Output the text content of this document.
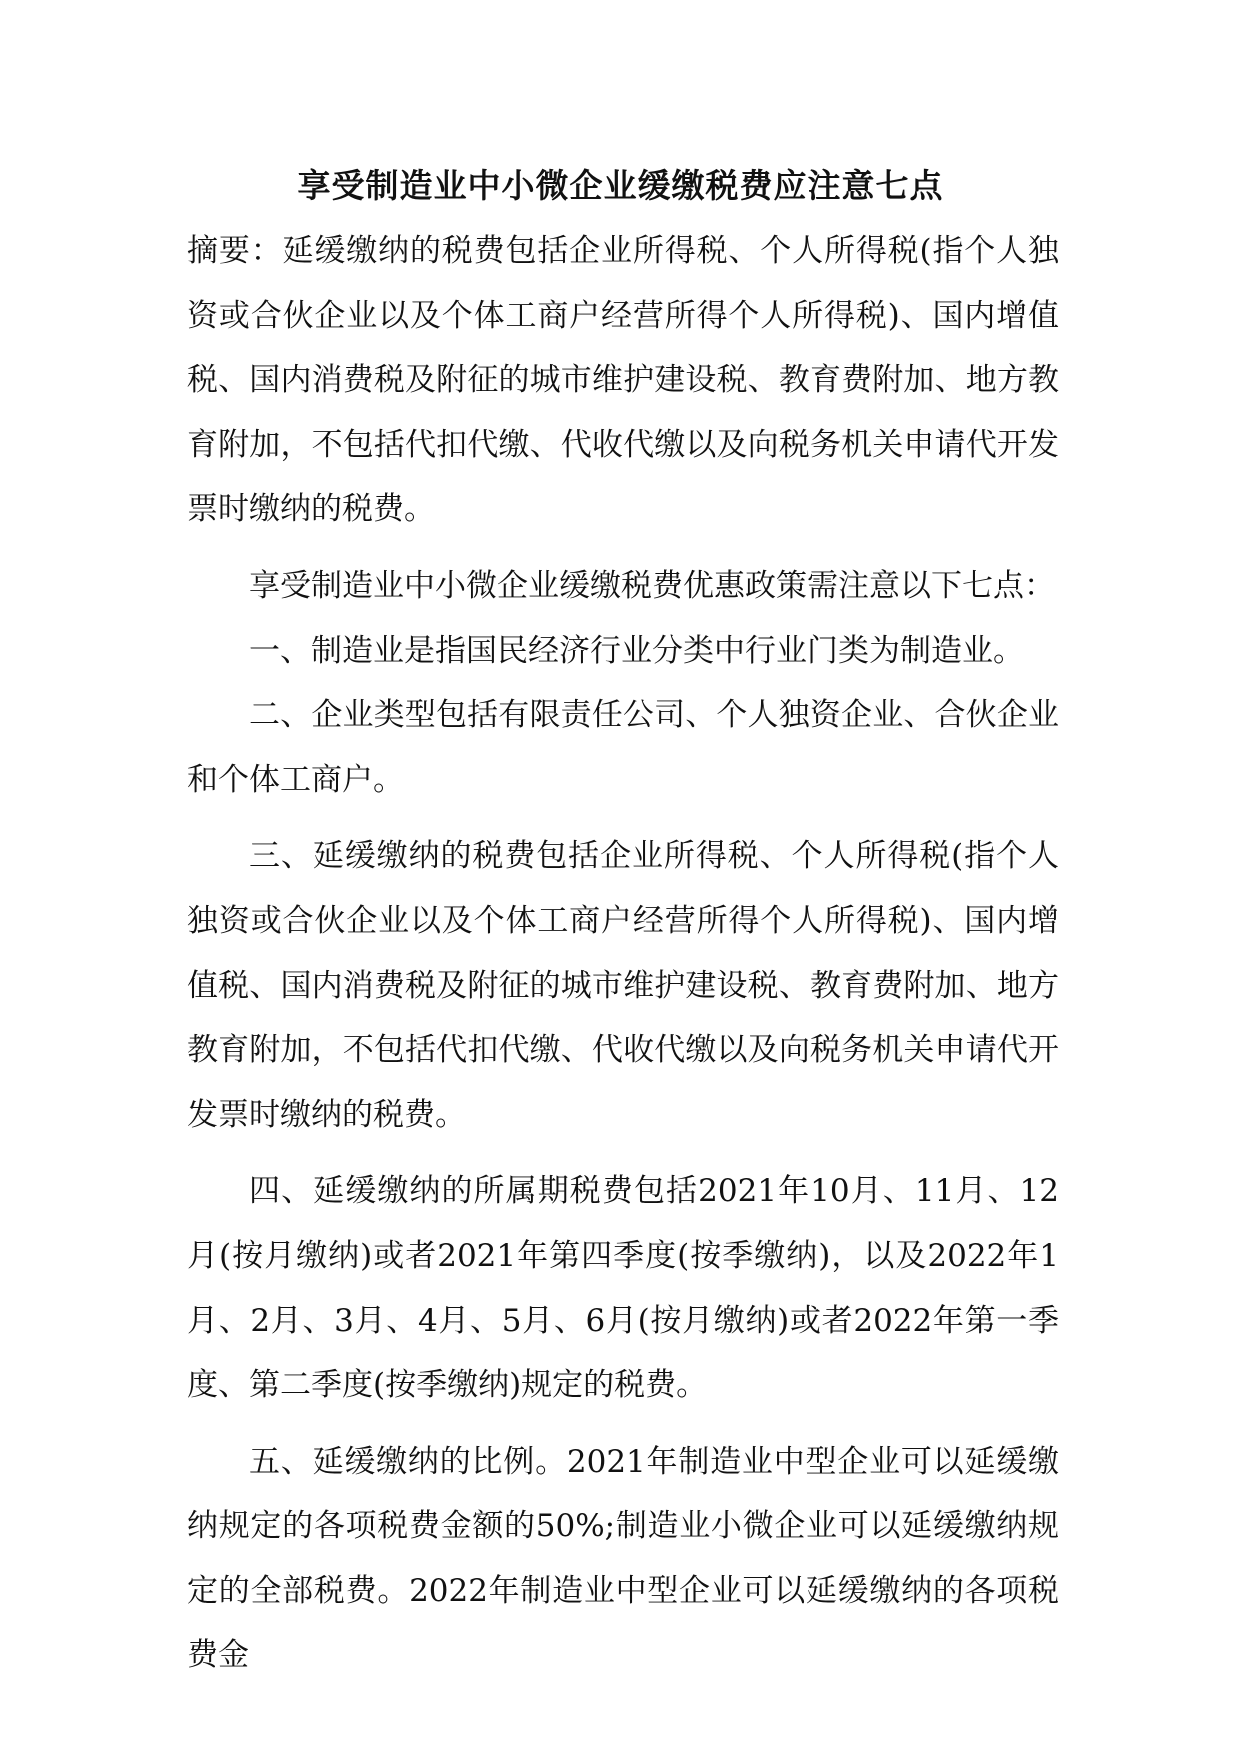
享受制造业中小微企业缓缴税费应注意七点

摘要：延缓缴纳的税费包括企业所得税、个人所得税(指个人独资或合伙企业以及个体工商户经营所得个人所得税)、国内增值税、国内消费税及附征的城市维护建设税、教育费附加、地方教育附加，不包括代扣代缴、代收代缴以及向税务机关申请代开发票时缴纳的税费。

享受制造业中小微企业缓缴税费优惠政策需注意以下七点：

一、制造业是指国民经济行业分类中行业门类为制造业。

二、企业类型包括有限责任公司、个人独资企业、合伙企业和个体工商户。

三、延缓缴纳的税费包括企业所得税、个人所得税(指个人独资或合伙企业以及个体工商户经营所得个人所得税)、国内增值税、国内消费税及附征的城市维护建设税、教育费附加、地方教育附加，不包括代扣代缴、代收代缴以及向税务机关申请代开发票时缴纳的税费。

四、延缓缴纳的所属期税费包括2021年10月、11月、12月(按月缴纳)或者2021年第四季度(按季缴纳)，以及2022年1月、2月、3月、4月、5月、6月(按月缴纳)或者2022年第一季度、第二季度(按季缴纳)规定的税费。

五、延缓缴纳的比例。2021年制造业中型企业可以延缓缴纳规定的各项税费金额的50%;制造业小微企业可以延缓缴纳规定的全部税费。2022年制造业中型企业可以延缓缴纳的各项税费金
